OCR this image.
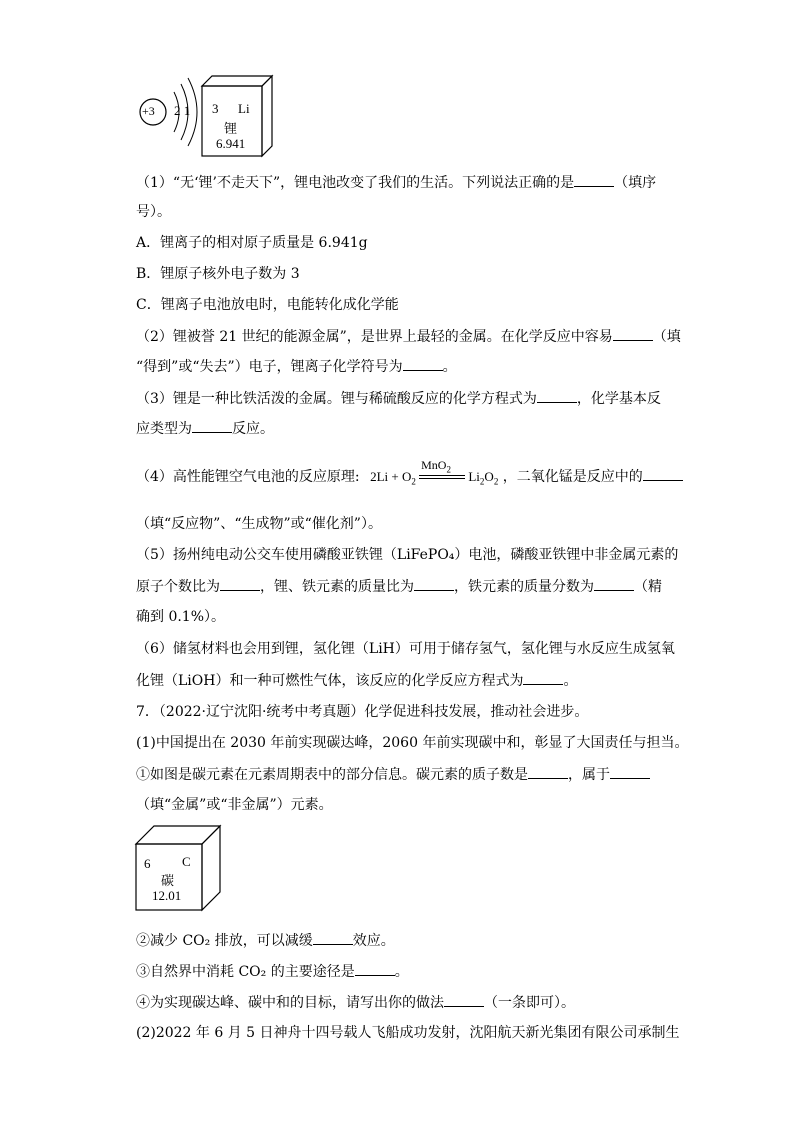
+3 2 1 3 Li
锂
6.941
（1）“无‘锂’不走天下”，锂电池改变了我们的生活。下列说法正确的是	（填序
号）。
A．锂离子的相对原子质量是 6.941g
B．锂原子核外电子数为 3
C．锂离子电池放电时，电能转化成化学能
（2）锂被誉 21 世纪的能源金属”，是世界上最轻的金属。在化学反应中容易	（填
“得到”或“失去”）电子，锂离子化学符号为	。
（3）锂是一种比铁活泼的金属。锂与稀硫酸反应的化学方程式为	，化学基本反
应类型为	反应。
（4）高性能锂空气电池的反应原理: $2Li + O_2$
MnO$_2$ $Li_2O_2$ ，二氧化锰是反应中的
（填“反应物”、“生成物”或“催化剂”）。
（5）扬州纯电动公交车使用磷酸亚铁锂（LiFePO₄）电池，磷酸亚铁锂中非金属元素的
原子个数比为	，锂、铁元素的质量比为	，铁元素的质量分数为	（精
确到 0.1%）。
（6）储氢材料也会用到锂，氢化锂（LiH）可用于储存氢气，氢化锂与水反应生成氢氧
化锂（LiOH）和一种可燃性气体，该反应的化学反应方程式为	。
7．（2022·辽宁沈阳·统考中考真题）化学促进科技发展，推动社会进步。
(1)中国提出在 2030 年前实现碳达峰，2060 年前实现碳中和，彰显了大国责任与担当。
①如图是碳元素在元素周期表中的部分信息。碳元素的质子数是	，属于
（填“金属”或“非金属”）元素。
6 C
碳
12.01
②减少 CO₂ 排放，可以减缓	效应。
③自然界中消耗 CO₂ 的主要途径是	。
④为实现碳达峰、碳中和的目标，请写出你的做法	（一条即可）。
(2)2022 年 6 月 5 日神舟十四号载人飞船成功发射，沈阳航天新光集团有限公司承制生
